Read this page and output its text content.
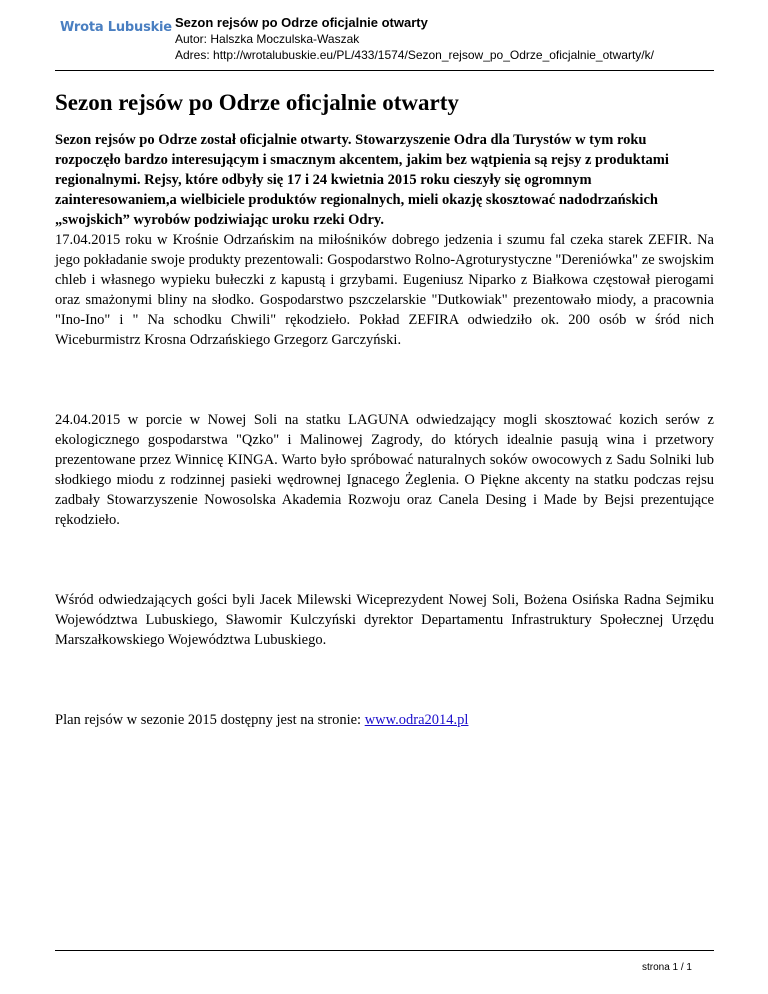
Wrota Lubuskie Sezon rejsów po Odrze oficjalnie otwarty
Autor: Halszka Moczulska-Waszak
Adres: http://wrotalubuskie.eu/PL/433/1574/Sezon_rejsow_po_Odrze_oficjalnie_otwarty/k/
Sezon rejsów po Odrze oficjalnie otwarty

Sezon rejsów po Odrze został oficjalnie otwarty. Stowarzyszenie Odra dla Turystów w tym roku rozpoczęło bardzo interesującym i smacznym akcentem, jakim bez wątpienia są rejsy z produktami regionalnymi. Rejsy, które odbyły się 17 i 24 kwietnia 2015 roku cieszyły się ogromnym zainteresowaniem,a wielbiciele produktów regionalnych, mieli okazję skosztować nadodrzańskich „swojskich” wyrobów podziwiając uroku rzeki Odry.

17.04.2015 roku w Krośnie Odrzańskim na miłośników dobrego jedzenia i szumu fal czeka starek ZEFIR. Na jego pokładanie swoje produkty prezentowali: Gospodarstwo Rolno-Agroturystyczne "Dereniówka" ze swojskim chleb i własnego wypieku bułeczki z kapustą i grzybami. Eugeniusz Niparko z Białkowa częstował pierogami oraz smażonymi bliny na słodko. Gospodarstwo pszczelarskie "Dutkowiak" prezentowało miody, a pracownia "Ino-Ino" i " Na schodku Chwili" rękodzieło. Pokład ZEFIRA odwiedziło ok. 200 osób w śród nich Wiceburmistrz Krosna Odrzańskiego Grzegorz Garczyński.

24.04.2015 w porcie w Nowej Soli na statku LAGUNA odwiedzający mogli skosztować kozich serów z ekologicznego gospodarstwa "Qzko" i Malinowej Zagrody, do których idealnie pasują wina i przetwory prezentowane przez Winnicę KINGA. Warto było spróbować naturalnych soków owocowych z Sadu Solniki lub słodkiego miodu z rodzinnej pasieki wędrownej Ignacego Żeglenia. O Piękne akcenty na statku podczas rejsu zadbały Stowarzyszenie Nowosolska Akademia Rozwoju oraz Canela Desing i Made by Bejsi prezentujące rękodzieło.

Wśród odwiedzających gości byli Jacek Milewski Wiceprezydent Nowej Soli, Bożena Osińska Radna Sejmiku Województwa Lubuskiego, Sławomir Kulczyński dyrektor Departamentu Infrastruktury Społecznej Urzędu Marszałkowskiego Województwa Lubuskiego.

Plan rejsów w sezonie 2015 dostępny jest na stronie: www.odra2014.pl

strona 1 / 1
